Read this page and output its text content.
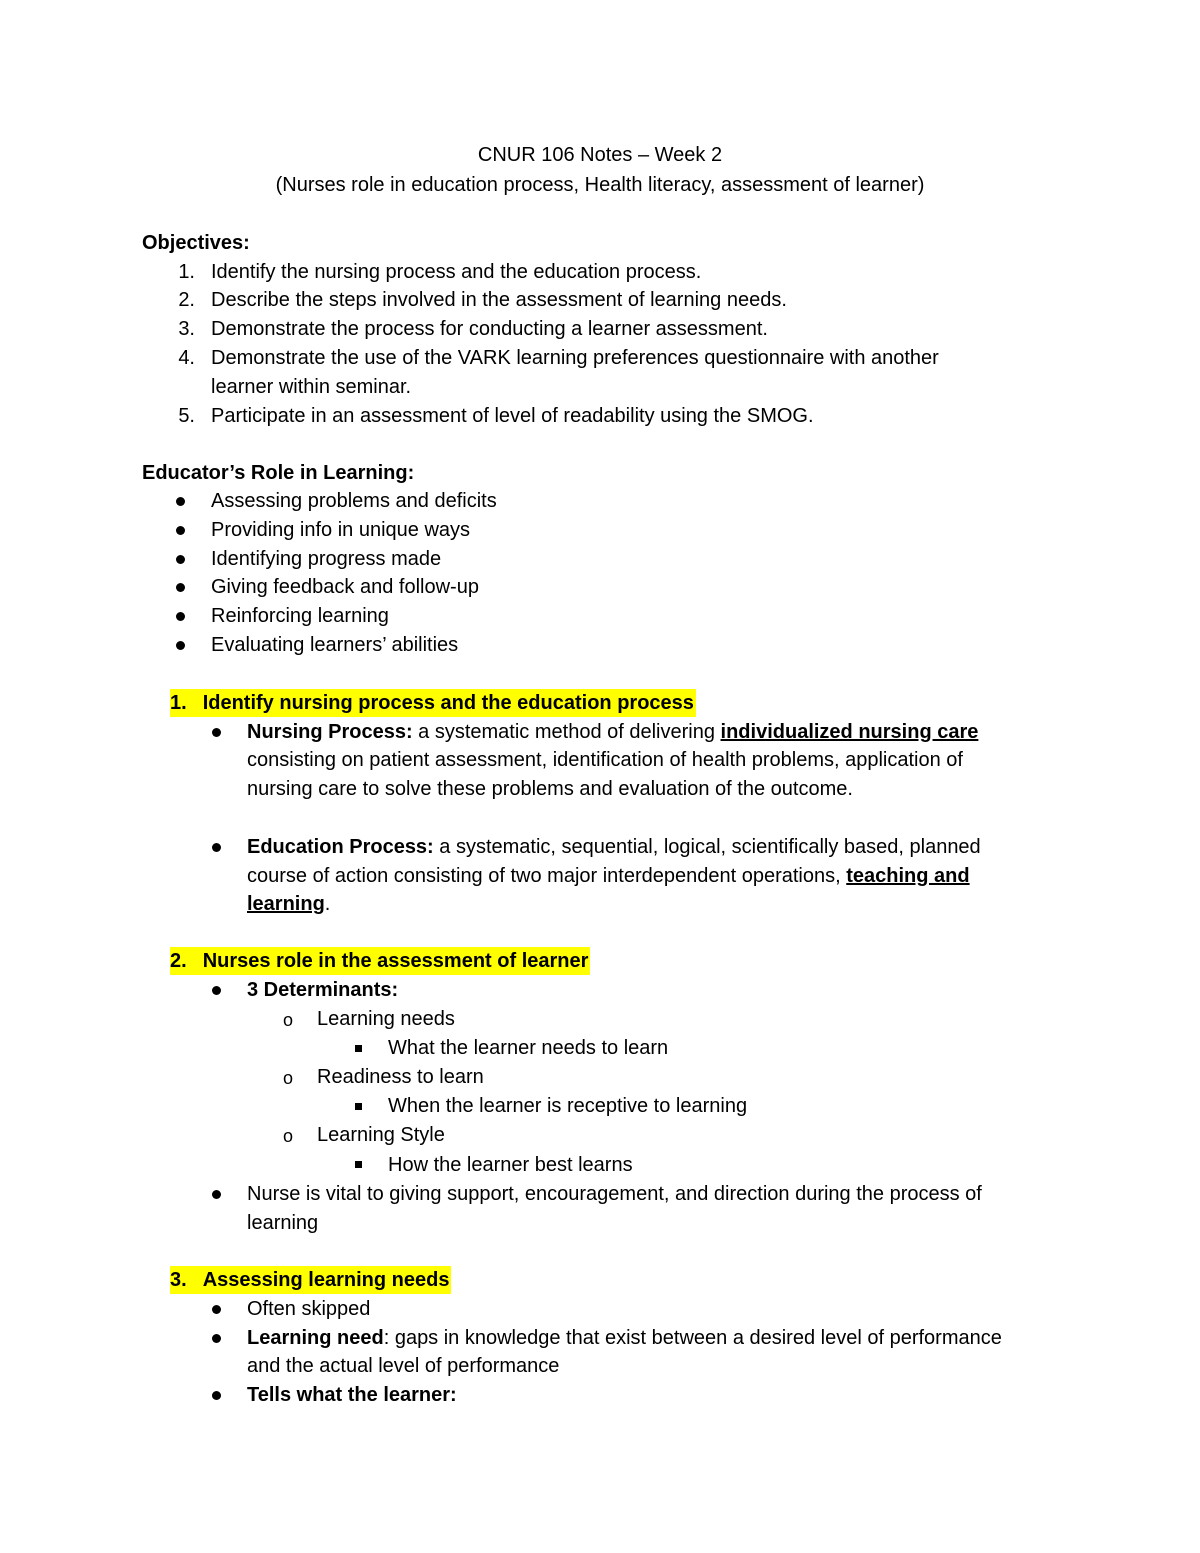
CNUR 106 Notes – Week 2
(Nurses role in education process, Health literacy, assessment of learner)
Objectives:
1. Identify the nursing process and the education process.
2. Describe the steps involved in the assessment of learning needs.
3. Demonstrate the process for conducting a learner assessment.
4. Demonstrate the use of the VARK learning preferences questionnaire with another
learner within seminar.
5. Participate in an assessment of level of readability using the SMOG.
Educator’s Role in Learning:
Assessing problems and deficits
Providing info in unique ways
Identifying progress made
Giving feedback and follow-up
Reinforcing learning
Evaluating learners’ abilities
1. Identify nursing process and the education process
Nursing Process: a systematic method of delivering individualized nursing care
consisting on patient assessment, identification of health problems, application of
nursing care to solve these problems and evaluation of the outcome.
Education Process: a systematic, sequential, logical, scientifically based, planned
course of action consisting of two major interdependent operations, teaching and
learning.
2. Nurses role in the assessment of learner
3 Determinants:
o Learning needs
What the learner needs to learn
o Readiness to learn
When the learner is receptive to learning
o Learning Style
How the learner best learns
Nurse is vital to giving support, encouragement, and direction during the process of
learning
3. Assessing learning needs
Often skipped
Learning need: gaps in knowledge that exist between a desired level of performance
and the actual level of performance
Tells what the learner:
